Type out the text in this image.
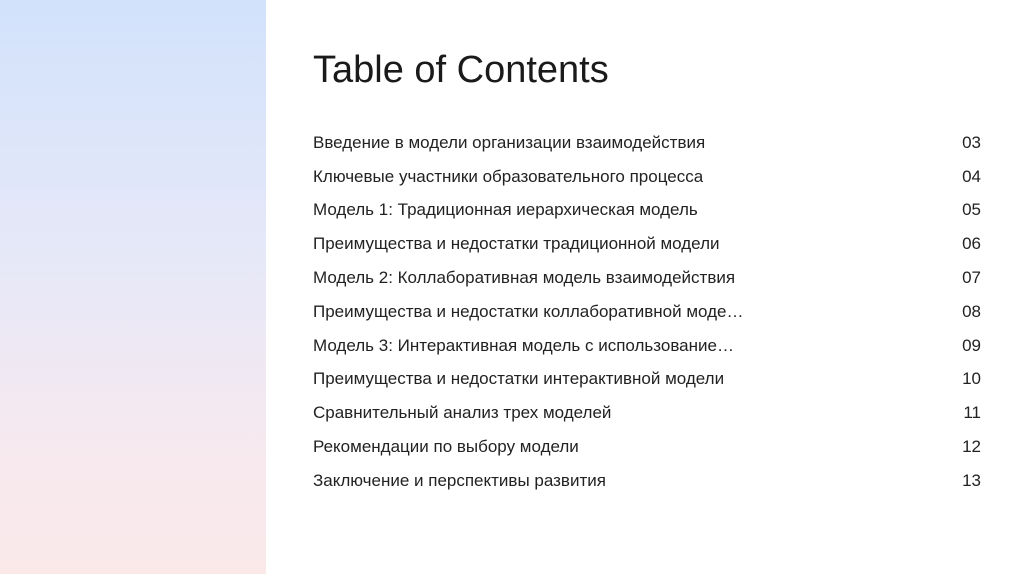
Table of Contents
Введение в модели организации взаимодействия	03
Ключевые участники образовательного процесса	04
Модель 1: Традиционная иерархическая модель	05
Преимущества и недостатки традиционной модели	06
Модель 2: Коллаборативная модель взаимодействия	07
Преимущества и недостатки коллаборативной моде…	08
Модель 3: Интерактивная модель с использование…	09
Преимущества и недостатки интерактивной модели	10
Сравнительный анализ трех моделей	11
Рекомендации по выбору модели	12
Заключение и перспективы развития	13
